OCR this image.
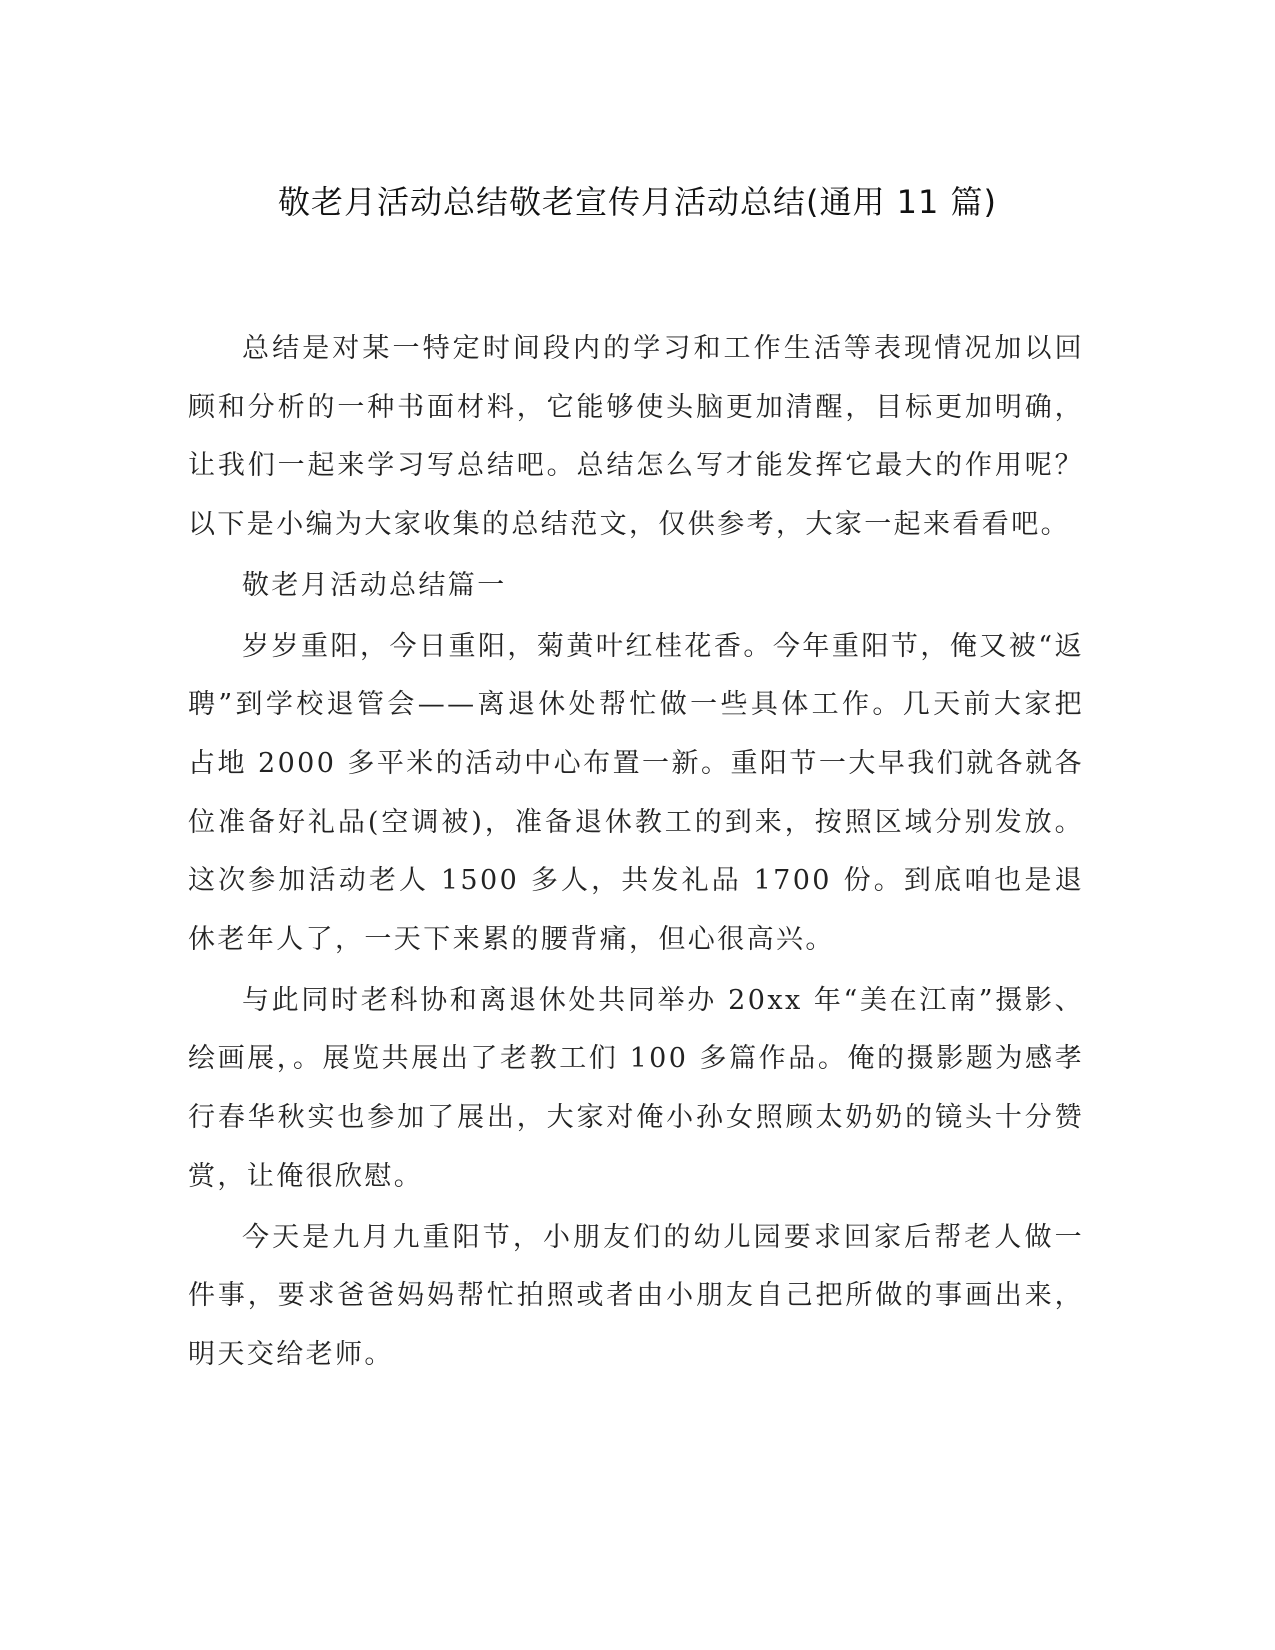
敬老月活动总结敬老宣传月活动总结(通用 11 篇)

总结是对某一特定时间段内的学习和工作生活等表现情况加以回顾和分析的一种书面材料，它能够使头脑更加清醒，目标更加明确，让我们一起来学习写总结吧。总结怎么写才能发挥它最大的作用呢？以下是小编为大家收集的总结范文，仅供参考，大家一起来看看吧。

敬老月活动总结篇一

岁岁重阳，今日重阳，菊黄叶红桂花香。今年重阳节，俺又被“返聘”到学校退管会——离退休处帮忙做一些具体工作。几天前大家把占地 2000 多平米的活动中心布置一新。重阳节一大早我们就各就各位准备好礼品(空调被)，准备退休教工的到来，按照区域分别发放。这次参加活动老人 1500 多人，共发礼品 1700 份。到底咱也是退休老年人了，一天下来累的腰背痛，但心很高兴。

与此同时老科协和离退休处共同举办 20xx 年“美在江南”摄影、绘画展，。展览共展出了老教工们 100 多篇作品。俺的摄影题为感孝行春华秋实也参加了展出，大家对俺小孙女照顾太奶奶的镜头十分赞赏，让俺很欣慰。

今天是九月九重阳节，小朋友们的幼儿园要求回家后帮老人做一件事，要求爸爸妈妈帮忙拍照或者由小朋友自己把所做的事画出来，明天交给老师。
